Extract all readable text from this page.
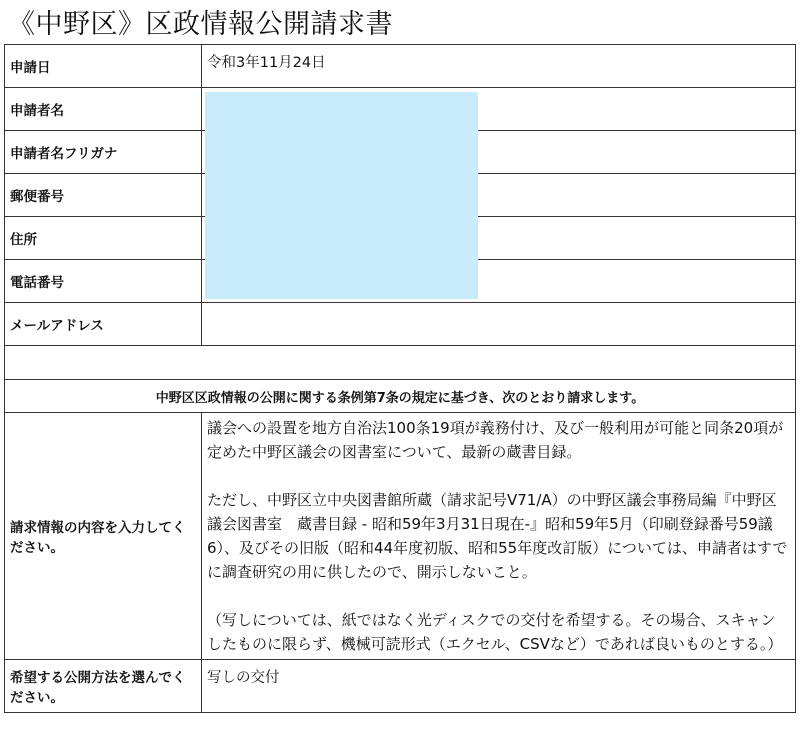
《中野区》区政情報公開請求書
申請日	令和3年11月24日
申請者名	
申請者名フリガナ	
郵便番号	
住所	
電話番号	
メールアドレス	

中野区区政情報の公開に関する条例第7条の規定に基づき、次のとおり請求します。	
請求情報の内容を入力してください。	議会への設置を地方自治法100条19項が義務付け、及び一般利用が可能と同条20項が定めた中野区議会の図書室について、最新の蔵書目録。

ただし、中野区立中央図書館所蔵（請求記号V71/A）の中野区議会事務局編『中野区議会図書室　蔵書目録 - 昭和59年3月31日現在-』昭和59年5月（印刷登録番号59議6）、及びその旧版（昭和44年度初版、昭和55年度改訂版）については、申請者はすでに調査研究の用に供したので、開示しないこと。

（写しについては、紙ではなく光ディスクでの交付を希望する。その場合、スキャンしたものに限らず、機械可読形式（エクセル、CSVなど）であれば良いものとする。）

希望する公開方法を選んでください。	写しの交付
